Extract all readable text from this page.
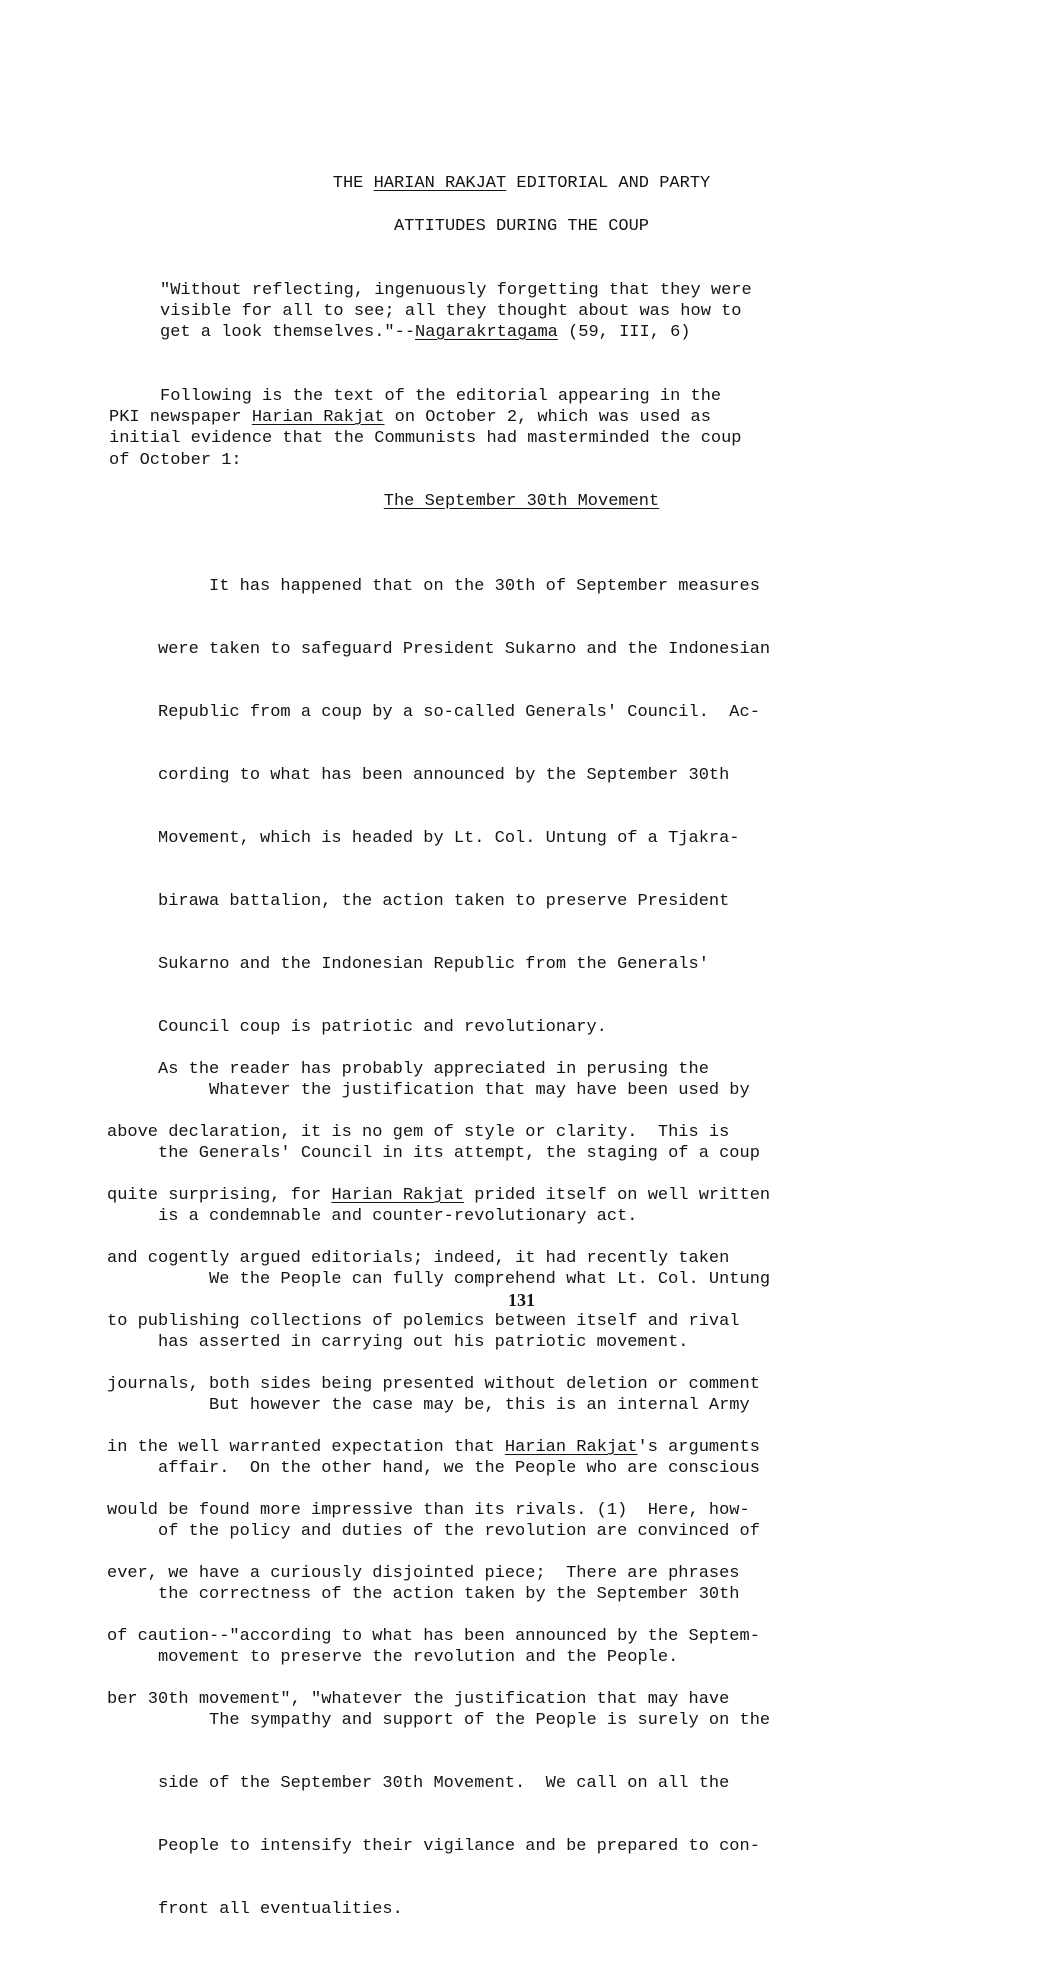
THE HARIAN RAKJAT EDITORIAL AND PARTY

ATTITUDES DURING THE COUP

"Without reflecting, ingenuously forgetting that they were

visible for all to see; all they thought about was how to

get a look themselves."--Nagarakrtagama (59, III, 6)

Following is the text of the editorial appearing in the

PKI newspaper Harian Rakjat on October 2, which was used as

initial evidence that the Communists had masterminded the coup

of October 1:

The September 30th Movement

It has happened that on the 30th of September measures

were taken to safeguard President Sukarno and the Indonesian

Republic from a coup by a so-called Generals' Council.  Ac-

cording to what has been announced by the September 30th

Movement, which is headed by Lt. Col. Untung of a Tjakra-

birawa battalion, the action taken to preserve President

Sukarno and the Indonesian Republic from the Generals'

Council coup is patriotic and revolutionary.

Whatever the justification that may have been used by

the Generals' Council in its attempt, the staging of a coup

is a condemnable and counter-revolutionary act.

We the People can fully comprehend what Lt. Col. Untung

has asserted in carrying out his patriotic movement.

But however the case may be, this is an internal Army

affair.  On the other hand, we the People who are conscious

of the policy and duties of the revolution are convinced of

the correctness of the action taken by the September 30th

movement to preserve the revolution and the People.

The sympathy and support of the People is surely on the

side of the September 30th Movement.  We call on all the

People to intensify their vigilance and be prepared to con-

front all eventualities.

As the reader has probably appreciated in perusing the

above declaration, it is no gem of style or clarity.  This is

quite surprising, for Harian Rakjat prided itself on well written

and cogently argued editorials; indeed, it had recently taken

to publishing collections of polemics between itself and rival

journals, both sides being presented without deletion or comment

in the well warranted expectation that Harian Rakjat's arguments

would be found more impressive than its rivals. (1)  Here, how-

ever, we have a curiously disjointed piece;  There are phrases

of caution--"according to what has been announced by the Septem-

ber 30th movement", "whatever the justification that may have

131
